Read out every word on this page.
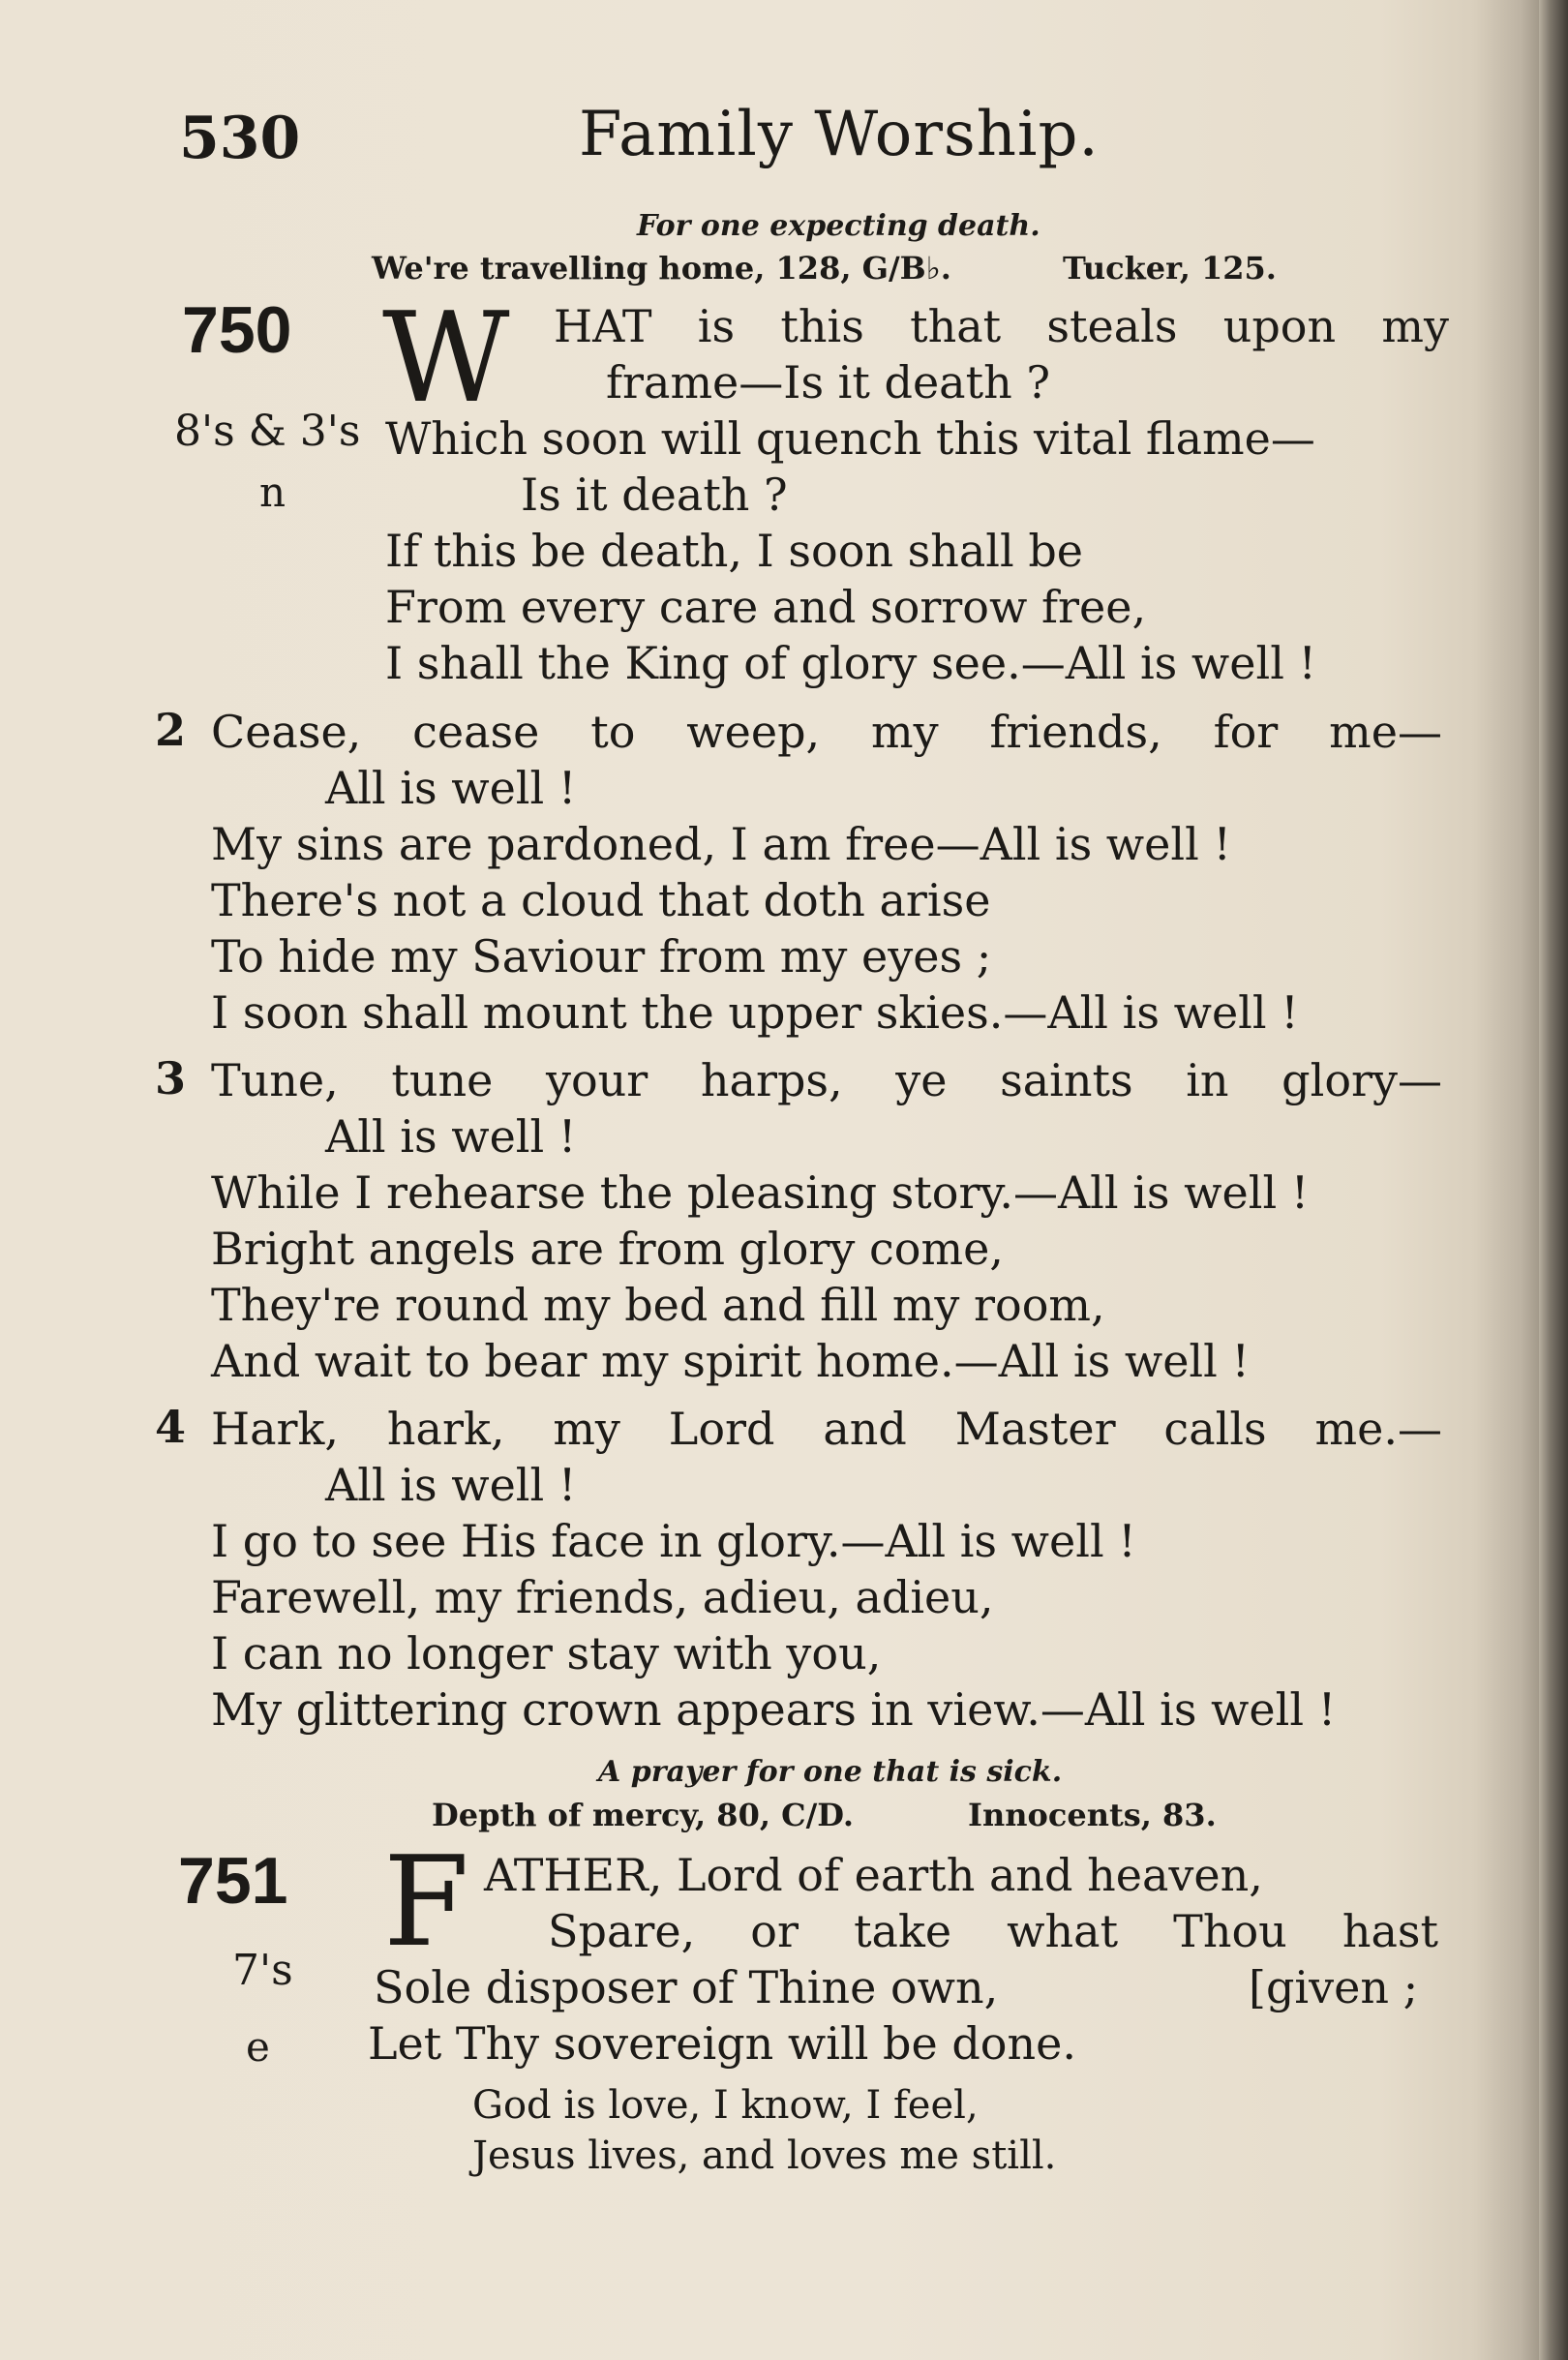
530	Family Worship.
For one expecting death.
We're travelling home, 128, G/B♭.	Tucker, 125.
750
8's & 3's
n
W HAT is this that steals upon my
frame—Is it death ?
Which soon will quench this vital flame—
Is it death ?
If this be death, I soon shall be
From every care and sorrow free,
I shall the King of glory see.—All is well !
2 Cease, cease to weep, my friends, for me—
All is well !
My sins are pardoned, I am free—All is well !
There's not a cloud that doth arise
To hide my Saviour from my eyes ;
I soon shall mount the upper skies.—All is well !
3 Tune, tune your harps, ye saints in glory—
All is well !
While I rehearse the pleasing story.—All is well !
Bright angels are from glory come,
They're round my bed and fill my room,
And wait to bear my spirit home.—All is well !
4 Hark, hark, my Lord and Master calls me.—
All is well !
I go to see His face in glory.—All is well !
Farewell, my friends, adieu, adieu,
I can no longer stay with you,
My glittering crown appears in view.—All is well !
A prayer for one that is sick.
Depth of mercy, 80, C/D.	Innocents, 83.
751
7's
e
F ATHER, Lord of earth and heaven,
Spare, or take what Thou hast
Sole disposer of Thine own,	[given ;
Let Thy sovereign will be done.
God is love, I know, I feel,
Jesus lives, and loves me still.
